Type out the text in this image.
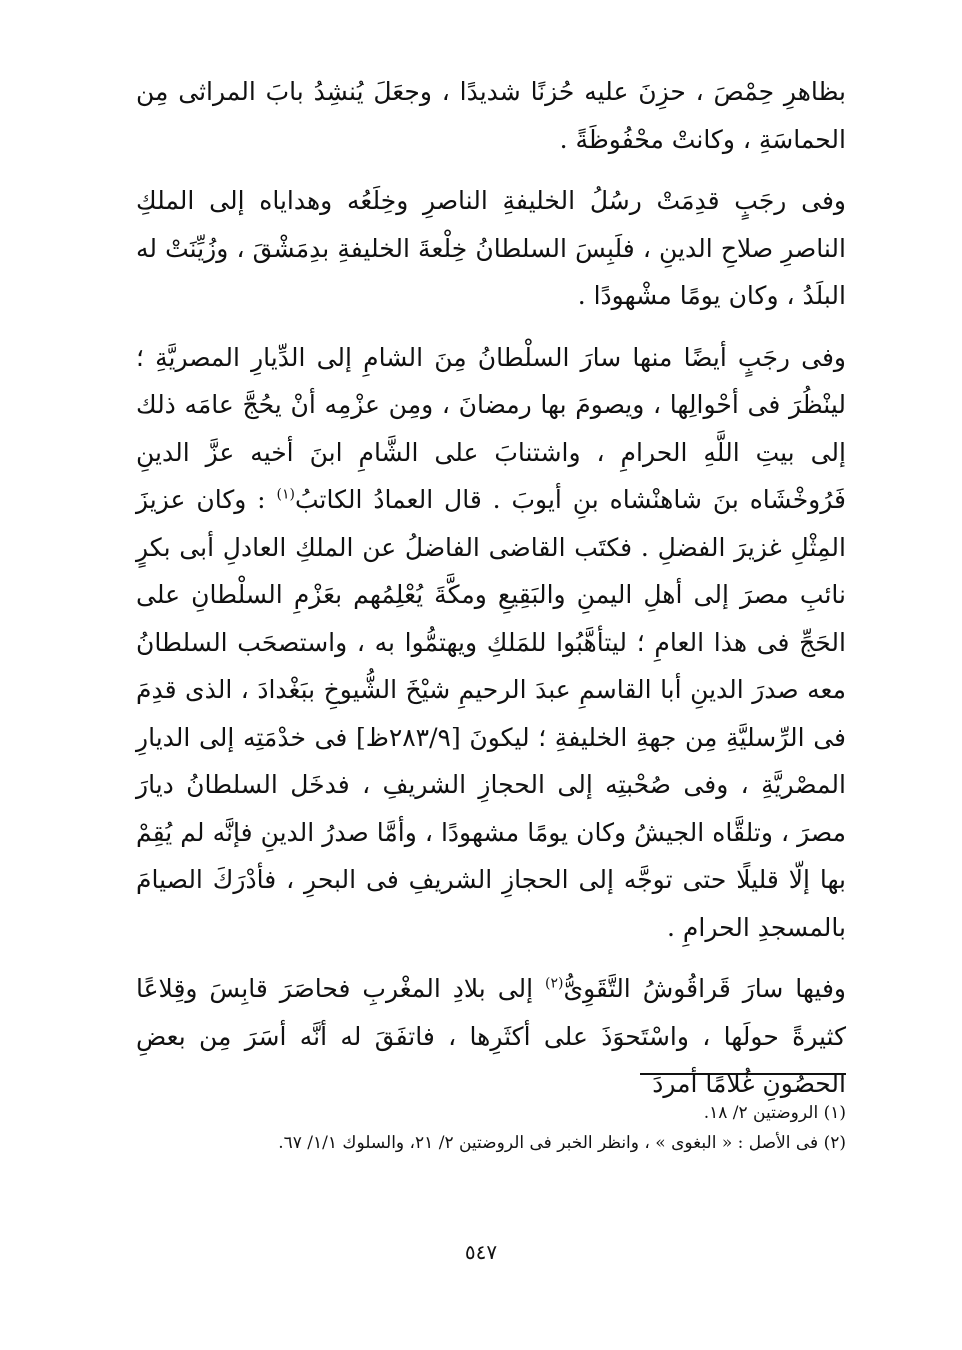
بظاهرِ حِمْصَ ، حزِنَ عليه حُزنًا شديدًا ، وجعَلَ يُنشِدُ بابَ المراثى مِن الحماسَةِ ، وكانتْ محْفُوظَةً .

وفى رجَبٍ قدِمَتْ رسُلُ الخليفةِ الناصرِ وخِلَعُه وهداياه إلى الملكِ الناصرِ صلاحِ الدينِ ، فلَبِسَ السلطانُ خِلْعةَ الخليفةِ بدِمَشْقَ ، وزُيِّنَتْ له البلَدُ ، وكان يومًا مشْهودًا .

وفى رجَبٍ أيضًا منها سارَ السلْطانُ مِنَ الشامِ إلى الدِّيارِ المصريَّةِ ؛ لينْظُرَ فى أحْوالِها ، ويصومَ بها رمضانَ ، ومِن عزْمِه أنْ يحُجَّ عامَه ذلك إلى بيتِ اللَّهِ الحرامِ ، واشتنابَ على الشَّامِ ابنَ أخيه عزَّ الدينِ فَرُوخْشَاه بنَ شاهنْشاه بنِ أيوبَ . قال العمادُ الكاتبُ$^{(١)}$ : وكان عزيزَ المِثْلِ غزيرَ الفضلِ . فكتَب القاضى الفاضلُ عن الملكِ العادلِ أبى بكرٍ نائبِ مصرَ إلى أهلِ اليمنِ والبَقِيعِ ومكَّةَ يُعْلِمُهم بعَزْمِ السلْطانِ على الحَجِّ فى هذا العامِ ؛ ليتأهَّبُوا للمَلكِ ويهتمُّوا به ، واستصحَب السلطانُ معه صدرَ الدينِ أبا القاسمِ عبدَ الرحيمِ شيْخَ الشُّيوخِ ببَغْدادَ ، الذى قدِمَ فى الرِّسليَّةِ مِن جهةِ الخليفةِ ؛ ليكونَ [٢٨٣/٩ظ] فى خدْمَتِه إلى الديارِ المصْريَّةِ ، وفى صُحْبتِه إلى الحجازِ الشريفِ ، فدخَل السلطانُ ديارَ مصرَ ، وتلقَّاه الجيشُ وكان يومًا مشهودًا ، وأمَّا صدرُ الدينِ فإنَّه لم يُقِمْ بها إلّا قليلًا حتى توجَّه إلى الحجازِ الشريفِ فى البحرِ ، فأدْرَكَ الصيامَ بالمسجدِ الحرامِ .

وفيها سارَ قَراقُوشُ التَّقَوِىُّ$^{(٢)}$ إلى بلادِ المغْربِ فحاصَرَ قابِسَ وقِلاعًا كثيرةً حولَها ، واسْتَحوَذَ على أكثَرِها ، فاتفَقَ له أنَّه أسَرَ مِن بعضِ الحصُونِ غُلامًا أمردَ

(١) الروضتين ٢/ ١٨.
(٢) فى الأصل : « البغوى » ، وانظر الخبر فى الروضتين ٢/ ٢١، والسلوك ١/١/ ٦٧.
٥٤٧
